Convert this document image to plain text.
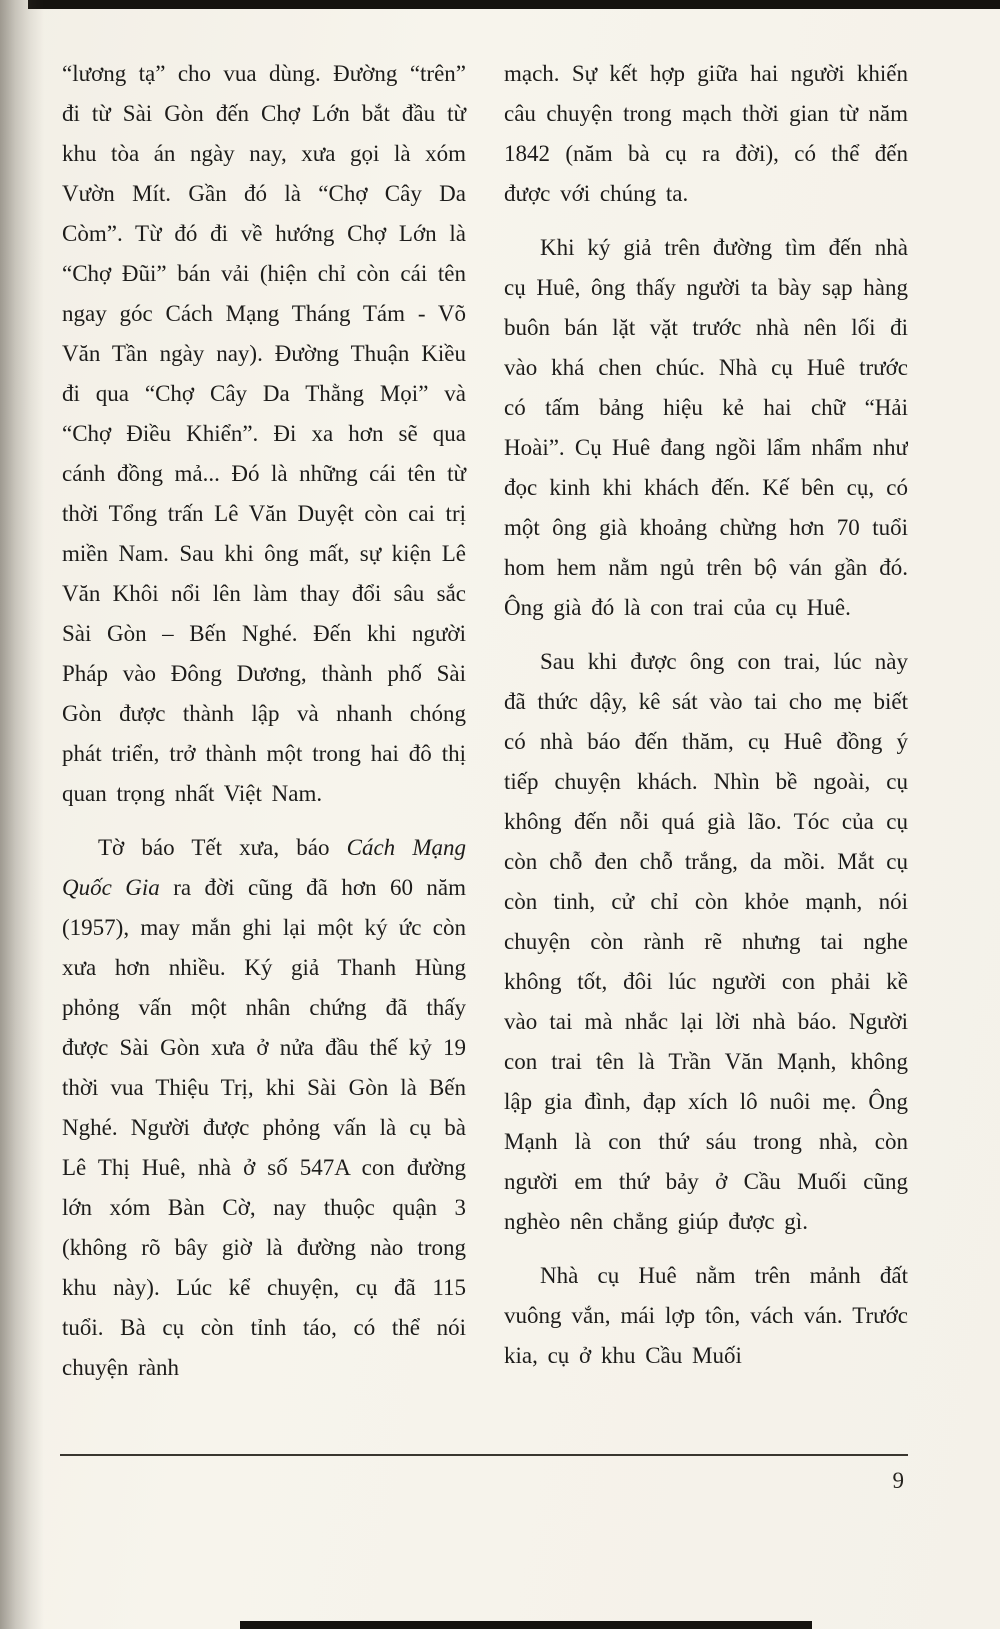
“lương tạ” cho vua dùng. Đường “trên” đi từ Sài Gòn đến Chợ Lớn bắt đầu từ khu tòa án ngày nay, xưa gọi là xóm Vườn Mít. Gần đó là “Chợ Cây Da Còm”. Từ đó đi về hướng Chợ Lớn là “Chợ Đũi” bán vải (hiện chỉ còn cái tên ngay góc Cách Mạng Tháng Tám - Võ Văn Tần ngày nay). Đường Thuận Kiều đi qua “Chợ Cây Da Thằng Mọi” và “Chợ Điều Khiển”. Đi xa hơn sẽ qua cánh đồng mả... Đó là những cái tên từ thời Tổng trấn Lê Văn Duyệt còn cai trị miền Nam. Sau khi ông mất, sự kiện Lê Văn Khôi nổi lên làm thay đổi sâu sắc Sài Gòn – Bến Nghé. Đến khi người Pháp vào Đông Dương, thành phố Sài Gòn được thành lập và nhanh chóng phát triển, trở thành một trong hai đô thị quan trọng nhất Việt Nam.

Tờ báo Tết xưa, báo Cách Mạng Quốc Gia ra đời cũng đã hơn 60 năm (1957), may mắn ghi lại một ký ức còn xưa hơn nhiều. Ký giả Thanh Hùng phỏng vấn một nhân chứng đã thấy được Sài Gòn xưa ở nửa đầu thế kỷ 19 thời vua Thiệu Trị, khi Sài Gòn là Bến Nghé. Người được phỏng vấn là cụ bà Lê Thị Huê, nhà ở số 547A con đường lớn xóm Bàn Cờ, nay thuộc quận 3 (không rõ bây giờ là đường nào trong khu này). Lúc kể chuyện, cụ đã 115 tuổi. Bà cụ còn tỉnh táo, có thể nói chuyện rành

mạch. Sự kết hợp giữa hai người khiến câu chuyện trong mạch thời gian từ năm 1842 (năm bà cụ ra đời), có thể đến được với chúng ta.

Khi ký giả trên đường tìm đến nhà cụ Huê, ông thấy người ta bày sạp hàng buôn bán lặt vặt trước nhà nên lối đi vào khá chen chúc. Nhà cụ Huê trước có tấm bảng hiệu kẻ hai chữ “Hải Hoài”. Cụ Huê đang ngồi lẩm nhẩm như đọc kinh khi khách đến. Kế bên cụ, có một ông già khoảng chừng hơn 70 tuổi hom hem nằm ngủ trên bộ ván gần đó. Ông già đó là con trai của cụ Huê.

Sau khi được ông con trai, lúc này đã thức dậy, kê sát vào tai cho mẹ biết có nhà báo đến thăm, cụ Huê đồng ý tiếp chuyện khách. Nhìn bề ngoài, cụ không đến nỗi quá già lão. Tóc của cụ còn chỗ đen chỗ trắng, da mồi. Mắt cụ còn tinh, cử chỉ còn khỏe mạnh, nói chuyện còn rành rẽ nhưng tai nghe không tốt, đôi lúc người con phải kề vào tai mà nhắc lại lời nhà báo. Người con trai tên là Trần Văn Mạnh, không lập gia đình, đạp xích lô nuôi mẹ. Ông Mạnh là con thứ sáu trong nhà, còn người em thứ bảy ở Cầu Muối cũng nghèo nên chẳng giúp được gì.

Nhà cụ Huê nằm trên mảnh đất vuông vắn, mái lợp tôn, vách ván. Trước kia, cụ ở khu Cầu Muối

9
